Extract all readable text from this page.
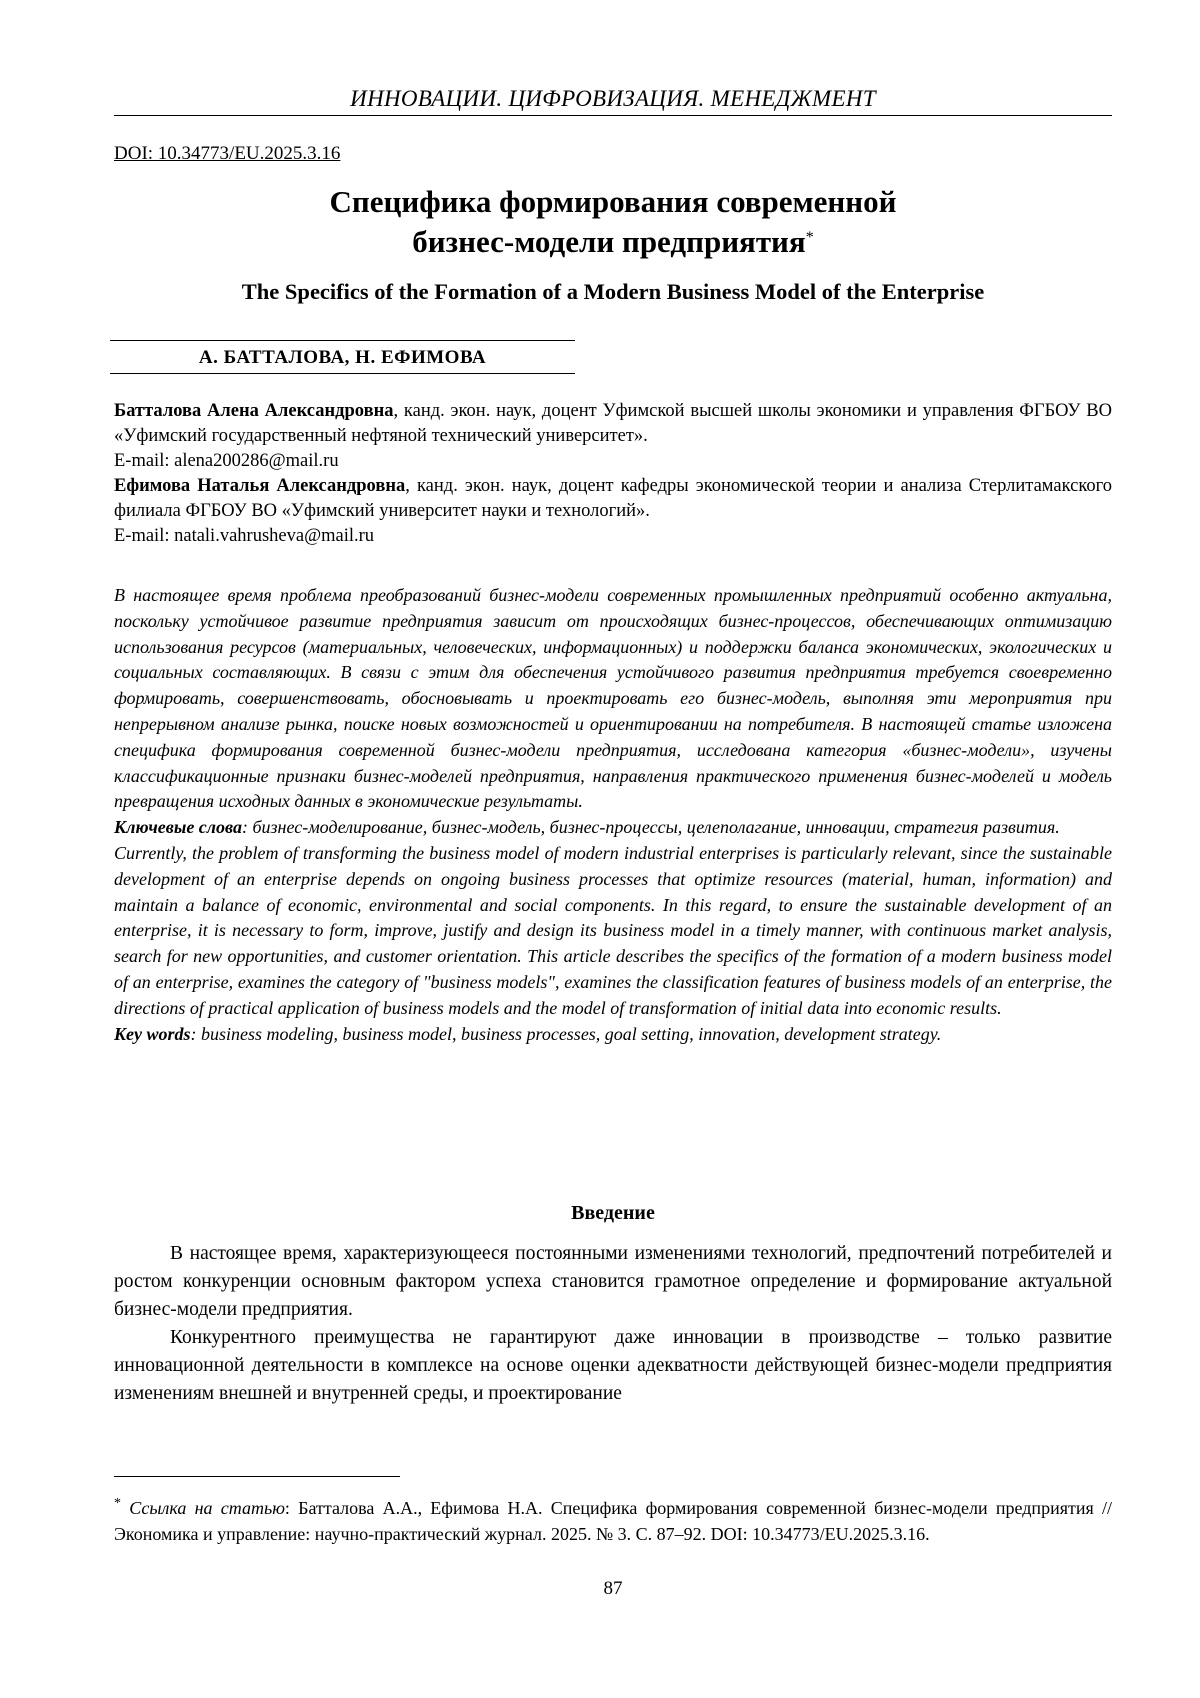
ИННОВАЦИИ. ЦИФРОВИЗАЦИЯ. МЕНЕДЖМЕНТ
DOI: 10.34773/EU.2025.3.16
Специфика формирования современной
бизнес-модели предприятия*
The Specifics of the Formation of a Modern Business Model of the Enterprise
А. БАТТАЛОВА, Н. ЕФИМОВА

Батталова Алена Александровна, канд. экон. наук, доцент Уфимской высшей школы экономики и управления ФГБОУ ВО «Уфимский государственный нефтяной технический университет».

E-mail: alena200286@mail.ru

Ефимова Наталья Александровна, канд. экон. наук, доцент кафедры экономической теории и анализа Стерлитамакского филиала ФГБОУ ВО «Уфимский университет науки и технологий».

E-mail: natali.vahrusheva@mail.ru

В настоящее время проблема преобразований бизнес-модели современных промышленных предприятий особенно актуальна, поскольку устойчивое развитие предприятия зависит от происходящих бизнес-процессов, обеспечивающих оптимизацию использования ресурсов (материальных, человеческих, информационных) и поддержки баланса экономических, экологических и социальных составляющих. В связи с этим для обеспечения устойчивого развития предприятия требуется своевременно формировать, совершенствовать, обосновывать и проектировать его бизнес-модель, выполняя эти мероприятия при непрерывном анализе рынка, поиске новых возможностей и ориентировании на потребителя. В настоящей статье изложена специфика формирования современной бизнес-модели предприятия, исследована категория «бизнес-модели», изучены классификационные признаки бизнес-моделей предприятия, направления практического применения бизнес-моделей и модель превращения исходных данных в экономические результаты.

Ключевые слова: бизнес-моделирование, бизнес-модель, бизнес-процессы, целеполагание, инновации, стратегия развития.

Currently, the problem of transforming the business model of modern industrial enterprises is particularly relevant, since the sustainable development of an enterprise depends on ongoing business processes that optimize resources (material, human, information) and maintain a balance of economic, environmental and social components. In this regard, to ensure the sustainable development of an enterprise, it is necessary to form, improve, justify and design its business model in a timely manner, with continuous market analysis, search for new opportunities, and customer orientation. This article describes the specifics of the formation of a modern business model of an enterprise, examines the category of "business models", examines the classification features of business models of an enterprise, the directions of practical application of business models and the model of transformation of initial data into economic results.

Key words: business modeling, business model, business processes, goal setting, innovation, development strategy.

Введение

В настоящее время, характеризующееся постоянными изменениями технологий, предпочтений потребителей и ростом конкуренции основным фактором успеха становится грамотное определение и формирование актуальной бизнес-модели предприятия.

Конкурентного преимущества не гарантируют даже инновации в производстве – только развитие инновационной деятельности в комплексе на основе оценки адекватности действующей бизнес-модели предприятия изменениям внешней и внутренней среды, и проектирование

* Ссылка на статью: Батталова А.А., Ефимова Н.А. Специфика формирования современной бизнес-модели предприятия // Экономика и управление: научно-практический журнал. 2025. № 3. С. 87–92. DOI: 10.34773/EU.2025.3.16.
87
